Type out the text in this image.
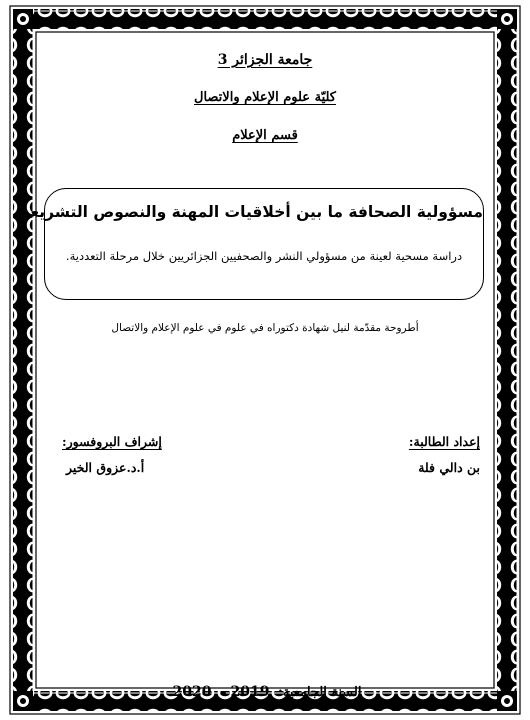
جامعة الجزائر 3
كليّة علوم الإعلام والاتصال
قسم الإعلام
مسؤولية الصحافة ما بين أخلاقيات المهنة والنصوص التشريعية
دراسة مسحية لعينة من مسؤولي النشر والصحفيين الجزائريين خلال مرحلة التعددية.
أطروحة مقدّمة لنيل شهادة دكتوراه في علوم في علوم الإعلام والاتصال
إعداد الطالبة:
بن دالي فلة
إشراف البروفسور:
أ.د.عزوق الخير
السنة الجامعية: 2019– 2020
